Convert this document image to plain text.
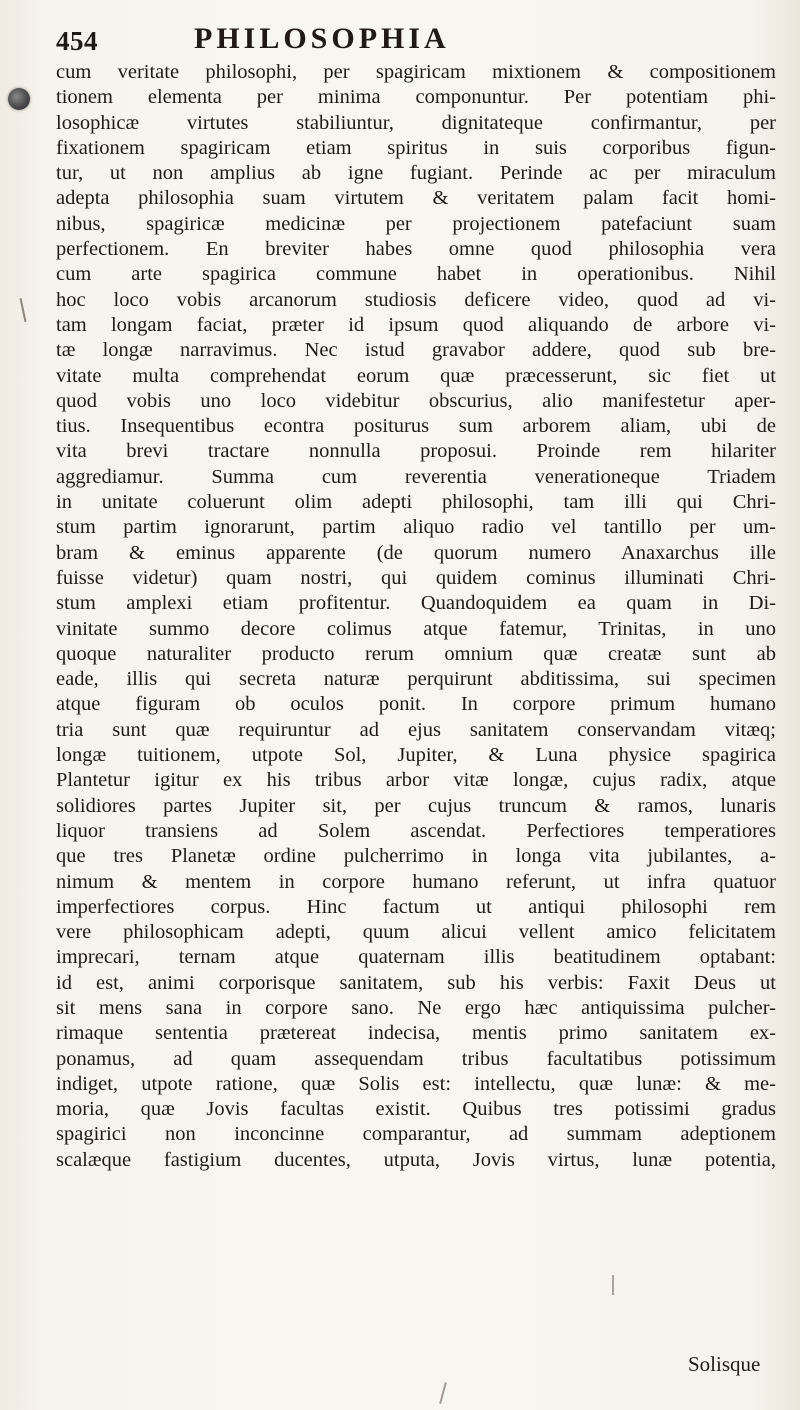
454	PHILOSOPHIA
cum veritate philosophi, per spagiricam mixtionem & compositionem
tionem elementa per minima componuntur. Per potentiam phi-
losophicæ virtutes stabiliuntur, dignitateque confirmantur, per
fixationem spagiricam etiam spiritus in suis corporibus figun-
tur, ut non amplius ab igne fugiant. Perinde ac per miraculum
adepta philosophia suam virtutem & veritatem palam facit homi-
nibus, spagiricæ medicinæ per projectionem patefaciunt suam
perfectionem. En breviter habes omne quod philosophia vera
cum arte spagirica commune habet in operationibus. Nihil
hoc loco vobis arcanorum studiosis deficere video, quod ad vi-
tam longam faciat, præter id ipsum quod aliquando de arbore vi-
tæ longæ narravimus. Nec istud gravabor addere, quod sub bre-
vitate multa comprehendat eorum quæ præcesserunt, sic fiet ut
quod vobis uno loco videbitur obscurius, alio manifestetur aper-
tius. Insequentibus econtra positurus sum arborem aliam, ubi de
vita brevi tractare nonnulla proposui. Proinde rem hilariter
aggrediamur. Summa cum reverentia venerationeque Triadem
in unitate coluerunt olim adepti philosophi, tam illi qui Chri-
stum partim ignorarunt, partim aliquo radio vel tantillo per um-
bram & eminus apparente (de quorum numero Anaxarchus ille
fuisse videtur) quam nostri, qui quidem cominus illuminati Chri-
stum amplexi etiam profitentur. Quandoquidem ea quam in Di-
vinitate summo decore colimus atque fatemur, Trinitas, in uno
quoque naturaliter producto rerum omnium quæ creatæ sunt ab
eade, illis qui secreta naturæ perquirunt abditissima, sui specimen
atque figuram ob oculos ponit. In corpore primum humano
tria sunt quæ requiruntur ad ejus sanitatem conservandam vitæq;
longæ tuitionem, utpote Sol, Jupiter, & Luna physice spagirica
Plantetur igitur ex his tribus arbor vitæ longæ, cujus radix, atque
solidiores partes Jupiter sit, per cujus truncum & ramos, lunaris
liquor transiens ad Solem ascendat. Perfectiores temperatiores
que tres Planetæ ordine pulcherrimo in longa vita jubilantes, a-
nimum & mentem in corpore humano referunt, ut infra quatuor
imperfectiores corpus. Hinc factum ut antiqui philosophi rem
vere philosophicam adepti, quum alicui vellent amico felicitatem
imprecari, ternam atque quaternam illis beatitudinem optabant:
id est, animi corporisque sanitatem, sub his verbis: Faxit Deus ut
sit mens sana in corpore sano. Ne ergo hæc antiquissima pulcher-
rimaque sententia prætereat indecisa, mentis primo sanitatem ex-
ponamus, ad quam assequendam tribus facultatibus potissimum
indiget, utpote ratione, quæ Solis est: intellectu, quæ lunæ: & me-
moria, quæ Jovis facultas existit. Quibus tres potissimi gradus
spagirici non inconcinne comparantur, ad summam adeptionem
scalæque fastigium ducentes, utputa, Jovis virtus, lunæ potentia,
Solisque
